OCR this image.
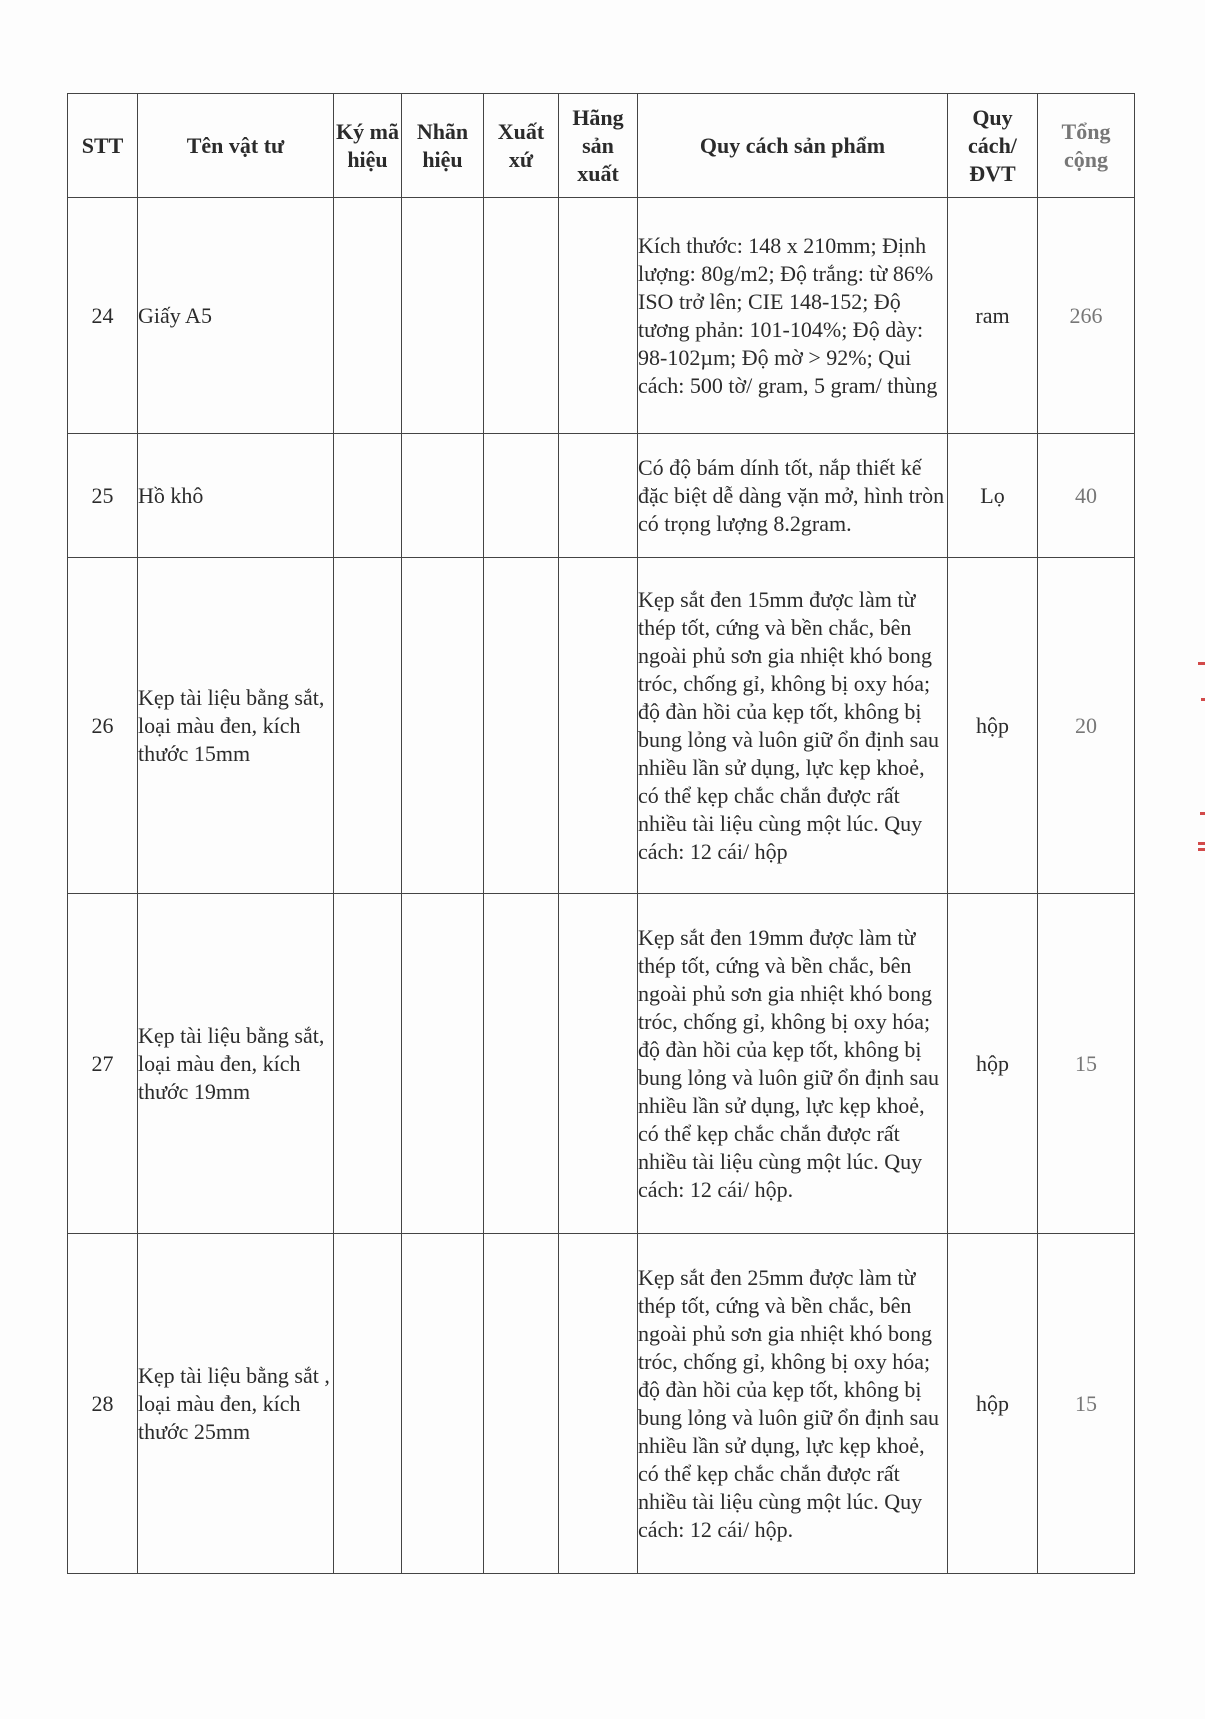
STT	Tên vật tư	Ký mã hiệu	Nhãn hiệu	Xuất xứ	Hãng sản xuất	Quy cách sản phẩm	Quy cách/ ĐVT	Tổng cộng
24	Giấy A5					Kích thước: 148 x 210mm; Định lượng: 80g/m2; Độ trắng: từ 86% ISO trở lên; CIE 148-152; Độ tương phản: 101-104%; Độ dày: 98-102µm; Độ mờ > 92%; Qui cách: 500 tờ/ gram, 5 gram/ thùng	ram	266
25	Hồ khô					Có độ bám dính tốt, nắp thiết kế đặc biệt dễ dàng vặn mở, hình tròn có trọng lượng 8.2gram.	Lọ	40
26	Kẹp tài liệu bằng sắt, loại màu đen, kích thước 15mm					Kẹp sắt đen 15mm được làm từ thép tốt, cứng và bền chắc, bên ngoài phủ sơn gia nhiệt khó bong tróc, chống gỉ, không bị oxy hóa; độ đàn hồi của kẹp tốt, không bị bung lỏng và luôn giữ ổn định sau nhiều lần sử dụng, lực kẹp khoẻ, có thể kẹp chắc chắn được rất nhiều tài liệu cùng một lúc. Quy cách: 12 cái/ hộp	hộp	20
27	Kẹp tài liệu bằng sắt, loại màu đen, kích thước 19mm					Kẹp sắt đen 19mm được làm từ thép tốt, cứng và bền chắc, bên ngoài phủ sơn gia nhiệt khó bong tróc, chống gỉ, không bị oxy hóa; độ đàn hồi của kẹp tốt, không bị bung lỏng và luôn giữ ổn định sau nhiều lần sử dụng, lực kẹp khoẻ, có thể kẹp chắc chắn được rất nhiều tài liệu cùng một lúc. Quy cách: 12 cái/ hộp.	hộp	15
28	Kẹp tài liệu bằng sắt , loại màu đen, kích thước 25mm					Kẹp sắt đen 25mm được làm từ thép tốt, cứng và bền chắc, bên ngoài phủ sơn gia nhiệt khó bong tróc, chống gỉ, không bị oxy hóa; độ đàn hồi của kẹp tốt, không bị bung lỏng và luôn giữ ổn định sau nhiều lần sử dụng, lực kẹp khoẻ, có thể kẹp chắc chắn được rất nhiều tài liệu cùng một lúc. Quy cách: 12 cái/ hộp.	hộp	15
